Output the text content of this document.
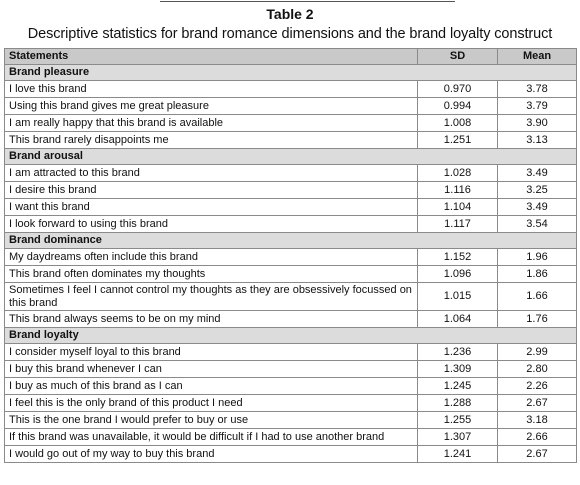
Table 2
Descriptive statistics for brand romance dimensions and the brand loyalty construct
Statements	SD	Mean
Brand pleasure		
I love this brand	0.970	3.78
Using this brand gives me great pleasure	0.994	3.79
I am really happy that this brand is available	1.008	3.90
This brand rarely disappoints me	1.251	3.13
Brand arousal		
I am attracted to this brand	1.028	3.49
I desire this brand	1.116	3.25
I want this brand	1.104	3.49
I look forward to using this brand	1.117	3.54
Brand dominance		
My daydreams often include this brand	1.152	1.96
This brand often dominates my thoughts	1.096	1.86
Sometimes I feel I cannot control my thoughts as they are obsessively focussed on this brand	1.015	1.66
This brand always seems to be on my mind	1.064	1.76
Brand loyalty		
I consider myself loyal to this brand	1.236	2.99
I buy this brand whenever I can	1.309	2.80
I buy as much of this brand as I can	1.245	2.26
I feel this is the only brand of this product I need	1.288	2.67
This is the one brand I would prefer to buy or use	1.255	3.18
If this brand was unavailable, it would be difficult if I had to use another brand	1.307	2.66
I would go out of my way to buy this brand	1.241	2.67
